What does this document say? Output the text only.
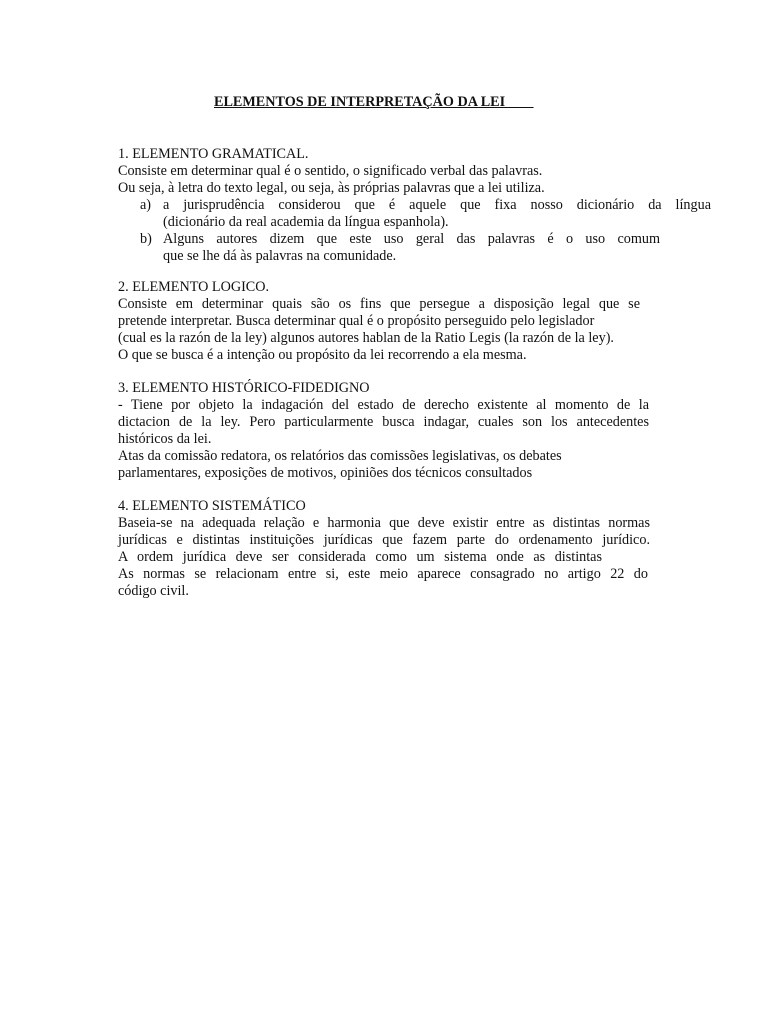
ELEMENTOS DE INTERPRETAÇÃO DA LEI
1. ELEMENTO GRAMATICAL.
Consiste em determinar qual é o sentido, o significado verbal das palavras.
Ou seja, à letra do texto legal, ou seja, às próprias palavras que a lei utiliza.
a) a jurisprudência considerou que é aquele que fixa nosso dicionário da língua
(dicionário da real academia da língua espanhola).
b) Alguns autores dizem que este uso geral das palavras é o uso comum
que se lhe dá às palavras na comunidade.
2. ELEMENTO LOGICO.
Consiste em determinar quais são os fins que persegue a disposição legal que se
pretende interpretar. Busca determinar qual é o propósito perseguido pelo legislador
(cual es la razón de la ley) algunos autores hablan de la Ratio Legis (la razón de la ley).
O que se busca é a intenção ou propósito da lei recorrendo a ela mesma.
3. ELEMENTO HISTÓRICO-FIDEDIGNO
- Tiene por objeto la indagación del estado de derecho existente al momento de la
dictacion de la ley. Pero particularmente busca indagar, cuales son los antecedentes
históricos da lei.
Atas da comissão redatora, os relatórios das comissões legislativas, os debates
parlamentares, exposições de motivos, opiniões dos técnicos consultados
4. ELEMENTO SISTEMÁTICO
Baseia-se na adequada relação e harmonia que deve existir entre as distintas normas
jurídicas e distintas instituições jurídicas que fazem parte do ordenamento jurídico.
A ordem jurídica deve ser considerada como um sistema onde as distintas
As normas se relacionam entre si, este meio aparece consagrado no artigo 22 do
código civil.
